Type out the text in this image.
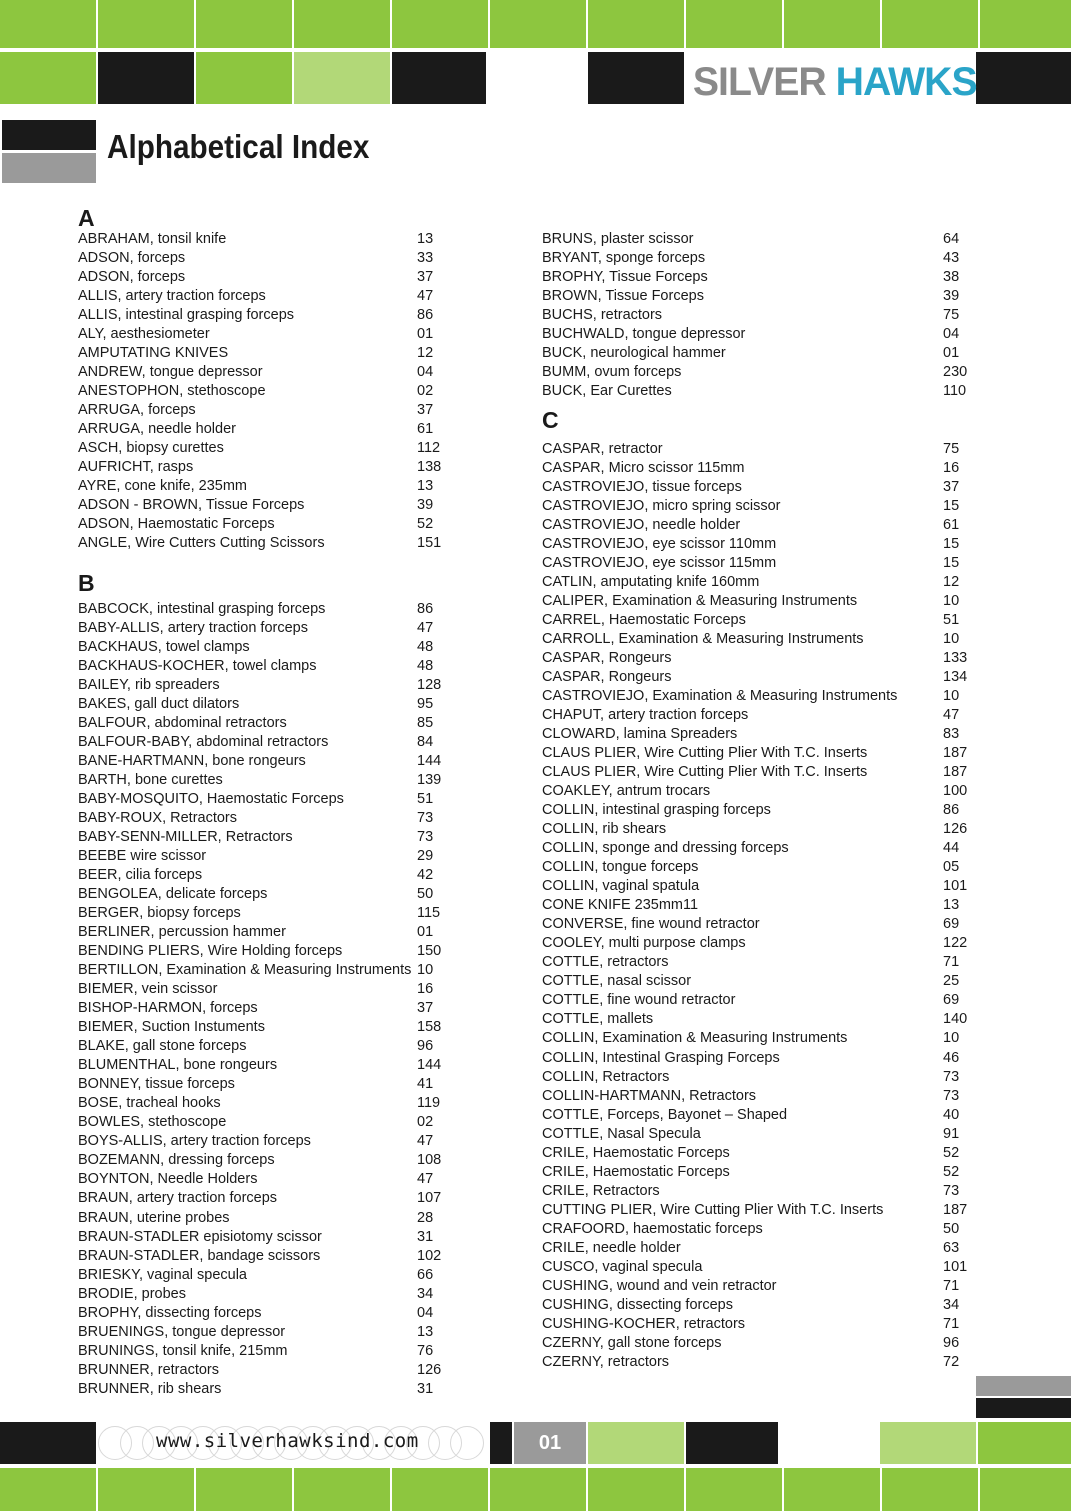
SILVER HAWKS
Alphabetical Index
A
B
C
ABRAHAM, tonsil knife	13
ADSON, forceps	33
ADSON, forceps	37
ALLIS, artery traction forceps	47
ALLIS, intestinal grasping forceps	86
ALY, aesthesiometer	01
AMPUTATING KNIVES	12
ANDREW, tongue depressor	04
ANESTOPHON, stethoscope	02
ARRUGA, forceps	37
ARRUGA, needle holder	61
ASCH, biopsy curettes	112
AUFRICHT, rasps	138
AYRE, cone knife, 235mm	13
ADSON - BROWN, Tissue Forceps	39
ADSON, Haemostatic Forceps	52
ANGLE, Wire Cutters Cutting Scissors	151
BABCOCK, intestinal grasping forceps	86
BABY-ALLIS, artery traction forceps	47
BACKHAUS, towel clamps	48
BACKHAUS-KOCHER, towel clamps	48
BAILEY, rib spreaders	128
BAKES, gall duct dilators	95
BALFOUR, abdominal retractors	85
BALFOUR-BABY, abdominal retractors	84
BANE-HARTMANN, bone rongeurs	144
BARTH, bone curettes	139
BABY-MOSQUITO, Haemostatic Forceps	51
BABY-ROUX, Retractors	73
BABY-SENN-MILLER, Retractors	73
BEEBE wire scissor	29
BEER, cilia forceps	42
BENGOLEA, delicate forceps	50
BERGER, biopsy forceps	115
BERLINER, percussion hammer	01
BENDING PLIERS, Wire Holding forceps	150
BERTILLON, Examination & Measuring Instruments 10
BIEMER, vein scissor	16
BISHOP-HARMON, forceps	37
BIEMER, Suction Instuments	158
BLAKE, gall stone forceps	96
BLUMENTHAL, bone rongeurs	144
BONNEY, tissue forceps	41
BOSE, tracheal hooks	119
BOWLES, stethoscope	02
BOYS-ALLIS, artery traction forceps	47
BOZEMANN, dressing forceps	108
BOYNTON, Needle Holders	47
BRAUN, artery traction forceps	107
BRAUN, uterine probes	28
BRAUN-STADLER episiotomy scissor	31
BRAUN-STADLER, bandage scissors	102
BRIESKY, vaginal specula	66
BRODIE, probes	34
BROPHY, dissecting forceps	04
BRUENINGS, tongue depressor	13
BRUNINGS, tonsil knife, 215mm	76
BRUNNER, retractors	126
BRUNNER, rib shears	31
BRUNS, plaster scissor	64
BRYANT, sponge forceps	43
BROPHY, Tissue Forceps	38
BROWN, Tissue Forceps	39
BUCHS, retractors	75
BUCHWALD, tongue depressor	04
BUCK, neurological hammer	01
BUMM, ovum forceps	230
BUCK, Ear Curettes	110
CASPAR, retractor	75
CASPAR, Micro scissor 115mm	16
CASTROVIEJO, tissue forceps	37
CASTROVIEJO, micro spring scissor	15
CASTROVIEJO, needle holder	61
CASTROVIEJO, eye scissor 110mm	15
CASTROVIEJO, eye scissor 115mm	15
CATLIN, amputating knife 160mm	12
CALIPER, Examination & Measuring Instruments	10
CARREL, Haemostatic Forceps	51
CARROLL, Examination & Measuring Instruments	10
CASPAR, Rongeurs	133
CASPAR, Rongeurs	134
CASTROVIEJO, Examination & Measuring Instruments	10
CHAPUT, artery traction forceps	47
CLOWARD, lamina Spreaders	83
CLAUS PLIER, Wire Cutting Plier With T.C. Inserts	187
CLAUS PLIER, Wire Cutting Plier With T.C. Inserts	187
COAKLEY, antrum trocars	100
COLLIN, intestinal grasping forceps	86
COLLIN, rib shears	126
COLLIN, sponge and dressing forceps	44
COLLIN, tongue forceps	05
COLLIN, vaginal spatula	101
CONE KNIFE 235mm11	13
CONVERSE, fine wound retractor	69
COOLEY, multi purpose clamps	122
COTTLE, retractors	71
COTTLE, nasal scissor	25
COTTLE, fine wound retractor	69
COTTLE, mallets	140
COLLIN, Examination & Measuring Instruments	10
COLLIN, Intestinal Grasping Forceps	46
COLLIN, Retractors	73
COLLIN-HARTMANN, Retractors	73
COTTLE, Forceps, Bayonet – Shaped	40
COTTLE, Nasal Specula	91
CRILE, Haemostatic Forceps	52
CRILE, Haemostatic Forceps	52
CRILE, Retractors	73
CUTTING PLIER, Wire Cutting Plier With T.C. Inserts	187
CRAFOORD, haemostatic forceps	50
CRILE, needle holder	63
CUSCO, vaginal specula	101
CUSHING, wound and vein retractor	71
CUSHING, dissecting forceps	34
CUSHING-KOCHER, retractors	71
CZERNY, gall stone forceps	96
CZERNY, retractors	72
www.silverhawksind.com	01
